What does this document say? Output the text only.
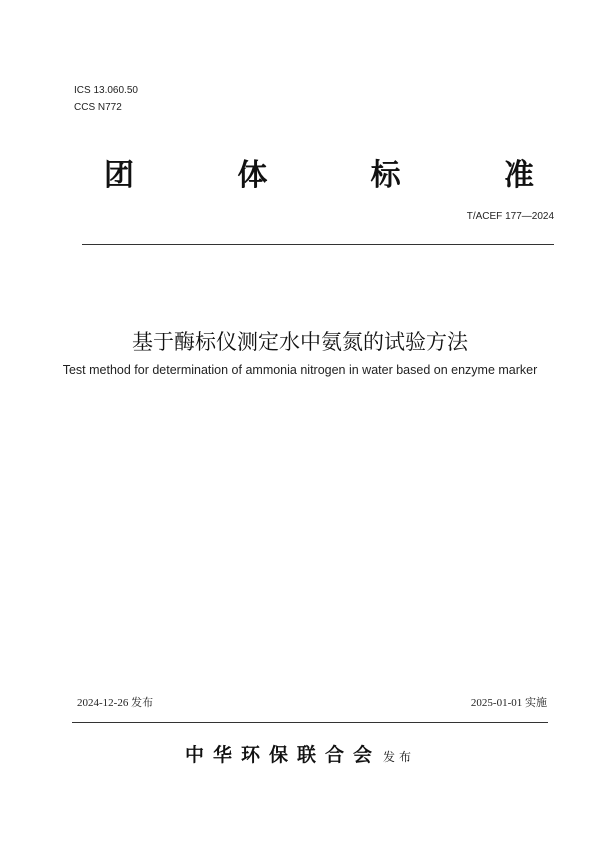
ICS 13.060.50
CCS N772
团	体	标	准
T/ACEF 177—2024
基于酶标仪测定水中氨氮的试验方法
Test method for determination of ammonia nitrogen in water based on enzyme marker
2024-12-26 发布	2025-01-01 实施
中华环保联合会 发布
